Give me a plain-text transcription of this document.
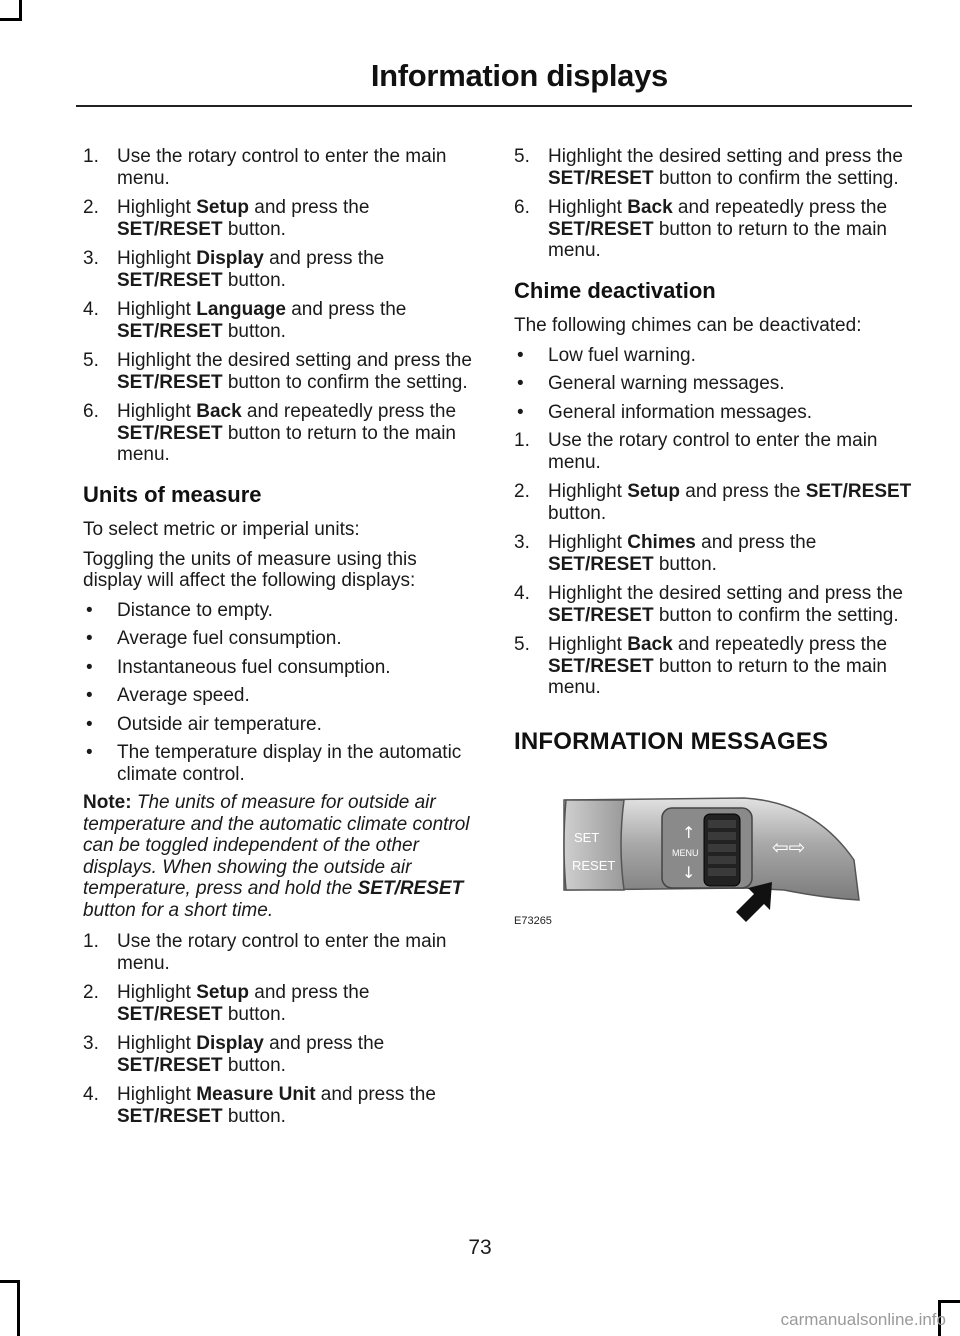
Information displays
1. Use the rotary control to enter the main menu.
2. Highlight Setup and press the SET/RESET button.
3. Highlight Display and press the SET/RESET button.
4. Highlight Language and press the SET/RESET button.
5. Highlight the desired setting and press the SET/RESET button to confirm the setting.
6. Highlight Back and repeatedly press the SET/RESET button to return to the main menu.
Units of measure
To select metric or imperial units:
Toggling the units of measure using this display will affect the following displays:
• Distance to empty.
• Average fuel consumption.
• Instantaneous fuel consumption.
• Average speed.
• Outside air temperature.
• The temperature display in the automatic climate control.
Note: The units of measure for outside air temperature and the automatic climate control can be toggled independent of the other displays. When showing the outside air temperature, press and hold the SET/RESET button for a short time.
1. Use the rotary control to enter the main menu.
2. Highlight Setup and press the SET/RESET button.
3. Highlight Display and press the SET/RESET button.
4. Highlight Measure Unit and press the SET/RESET button.
5. Highlight the desired setting and press the SET/RESET button to confirm the setting.
6. Highlight Back and repeatedly press the SET/RESET button to return to the main menu.
Chime deactivation
The following chimes can be deactivated:
• Low fuel warning.
• General warning messages.
• General information messages.
1. Use the rotary control to enter the main menu.
2. Highlight Setup and press the SET/RESET button.
3. Highlight Chimes and press the SET/RESET button.
4. Highlight the desired setting and press the SET/RESET button to confirm the setting.
5. Highlight Back and repeatedly press the SET/RESET button to return to the main menu.
INFORMATION MESSAGES
SET
RESET
↑
MENU
↓
⇦⇨
E73265
73
carmanualsonline.info
